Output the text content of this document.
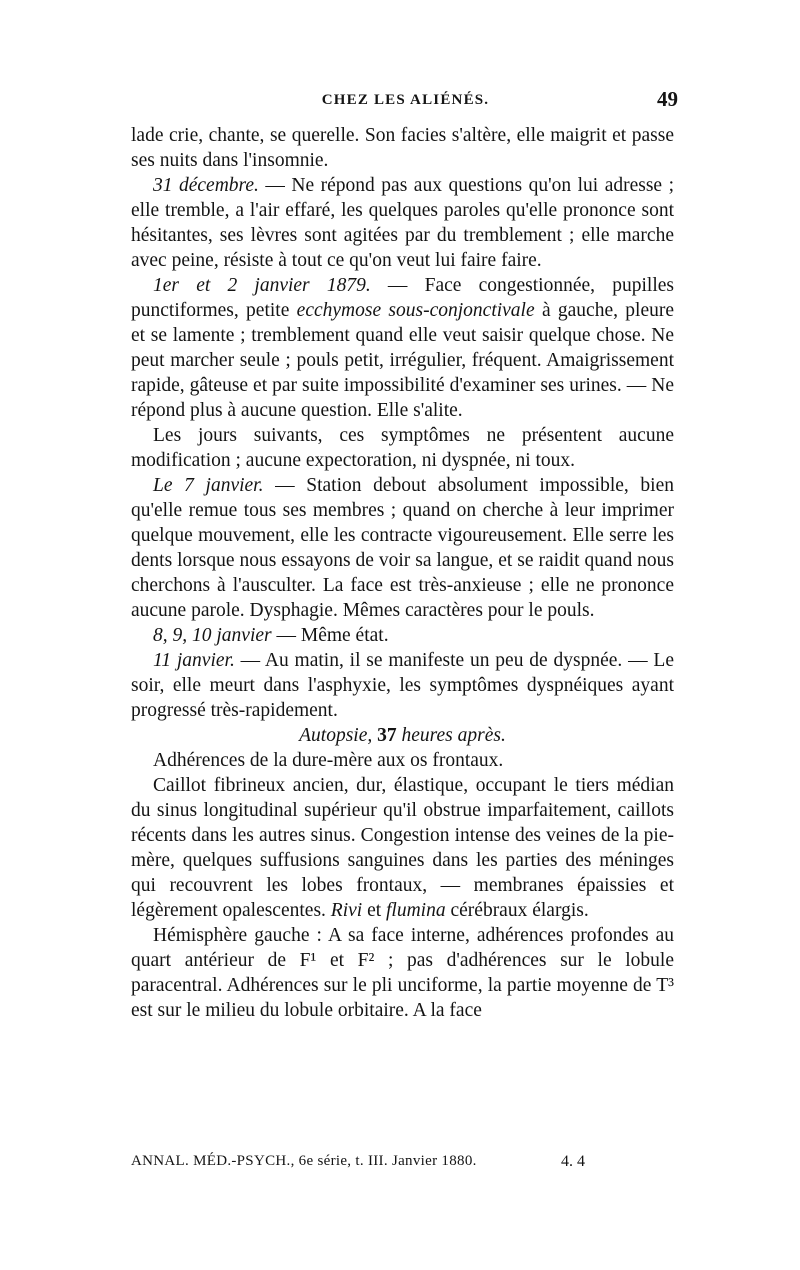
CHEZ LES ALIÉNÉS.	49

lade crie, chante, se querelle. Son facies s'altère, elle maigrit et passe ses nuits dans l'insomnie.

31 décembre. — Ne répond pas aux questions qu'on lui adresse ; elle tremble, a l'air effaré, les quelques paroles qu'elle prononce sont hésitantes, ses lèvres sont agitées par du tremblement ; elle marche avec peine, résiste à tout ce qu'on veut lui faire faire.

1er et 2 janvier 1879. — Face congestionnée, pupilles punctiformes, petite ecchymose sous-conjonctivale à gauche, pleure et se lamente ; tremblement quand elle veut saisir quelque chose. Ne peut marcher seule ; pouls petit, irrégulier, fréquent. Amaigrissement rapide, gâteuse et par suite impossibilité d'examiner ses urines. — Ne répond plus à aucune question. Elle s'alite.

Les jours suivants, ces symptômes ne présentent aucune modification ; aucune expectoration, ni dyspnée, ni toux.

Le 7 janvier. — Station debout absolument impossible, bien qu'elle remue tous ses membres ; quand on cherche à leur imprimer quelque mouvement, elle les contracte vigoureusement. Elle serre les dents lorsque nous essayons de voir sa langue, et se raidit quand nous cherchons à l'ausculter. La face est très-anxieuse ; elle ne prononce aucune parole. Dysphagie. Mêmes caractères pour le pouls.

8, 9, 10 janvier — Même état.

11 janvier. — Au matin, il se manifeste un peu de dyspnée. — Le soir, elle meurt dans l'asphyxie, les symptômes dyspnéiques ayant progressé très-rapidement.

Autopsie, 37 heures après.

Adhérences de la dure-mère aux os frontaux.

Caillot fibrineux ancien, dur, élastique, occupant le tiers médian du sinus longitudinal supérieur qu'il obstrue imparfaitement, caillots récents dans les autres sinus. Congestion intense des veines de la pie-mère, quelques suffusions sanguines dans les parties des méninges qui recouvrent les lobes frontaux, — membranes épaissies et légèrement opalescentes. Rivi et flumina cérébraux élargis.

Hémisphère gauche : A sa face interne, adhérences profondes au quart antérieur de F¹ et F² ; pas d'adhérences sur le lobule paracentral. Adhérences sur le pli unciforme, la partie moyenne de T³ est sur le milieu du lobule orbitaire. A la face

ANNAL. MÉD.-PSYCH., 6e série, t. III. Janvier 1880.	4. 4
